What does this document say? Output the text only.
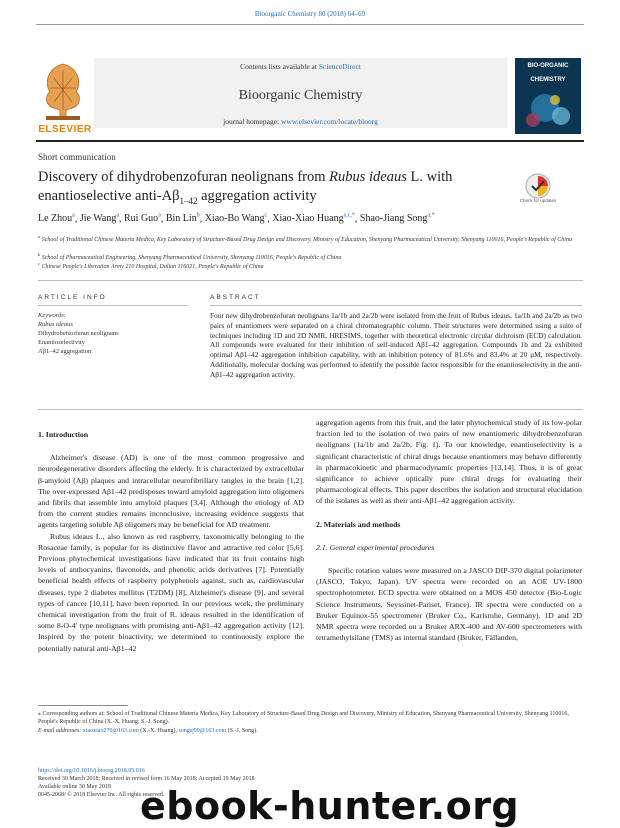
Bioorganic Chemistry 80 (2018) 64–69
Contents lists available at ScienceDirect
Bioorganic Chemistry
journal homepage: www.elsevier.com/locate/bioorg
ELSEVIER
BIO-ORGANIC
CHEMISTRY
Short communication
Discovery of dihydrobenzofuran neolignans from Rubus ideaus L. with enantioselective anti-$A\beta_{1-42}$ aggregation activity	Check for updates
Le Zhou$^a$, Jie Wang$^a$, Rui Guo$^a$, Bin Lin$^b$, Xiao-Bo Wang$^c$, Xiao-Xiao Huang$^{a,c,*}$, Shao-Jiang Song$^{a,*}$
$^a$ School of Traditional Chinese Materia Medica, Key Laboratory of Structure-Based Drug Design and Discovery, Ministry of Education, Shenyang Pharmaceutical University, Shenyang 110016, People's Republic of China
$^b$ School of Pharmaceutical Engineering, Shenyang Pharmaceutical University, Shenyang 110016, People's Republic of China
$^c$ Chinese People's Liberation Army 210 Hospital, Dalian 116021, People's Republic of China
ARTICLE INFO	ABSTRACT
Keywords:
Rubus ideaus
Dihydrobenzofuran neolignans
Enantioselectivity
Aβ1–42 aggregation
Four new dihydrobenzofuran neolignans 1a/1b and 2a/2b were isolated from the fruit of Rubus ideaus. 1a/1b and 2a/2b as two pairs of enantiomers were separated on a chiral chromatographic column. Their structures were determined using a suite of techniques including 1D and 2D NMR, HRESIMS, together with theoretical electronic circular dichroism (ECD) calculation. All compounds were evaluated for their inhibition of self-induced Aβ1–42 aggregation. Compounds 1b and 2a exhibited optimal Aβ1–42 aggregation inhibition capability, with an inhibition potency of 81.6% and 83.4% at 20 μM, respectively. Additionally, molecular docking was performed to identify the possible factor responsible for the enantioselectivity in the anti-Aβ1–42 aggregation activity.
1. Introduction

Alzheimer's disease (AD) is one of the most common progressive and neurodegenerative disorders affecting the elderly. It is characterized by extracellular β-amyloid (Aβ) plaques and intracellular neurofibrillary tangles in the brain [1,2]. The over-expressed Aβ1–42 predisposes toward amyloid aggregation into oligomers and fibrils that assemble into amyloid plaques [3,4]. Although the etiology of AD from the current studies remains inconclusive, increasing evidence suggests that agents targeting soluble Aβ oligomers may be beneficial for AD treatment.

Rubus ideaus L., also known as red raspberry, taxonomically belonging to the Rosaceae family, is popular for its distinctive flavor and attractive red color [5,6]. Previous phytochemical investigations have indicated that its fruit contains high levels of anthocyanins, flavonoids, and phenolic acids derivatives [7]. Potentially beneficial health effects of raspberry polyphenols against, such as, cardiovascular diseases, type 2 diabetes mellitus (T2DM) [8], Alzheimer's disease [9], and several types of cancer [10,11], have been reported. In our previous work, the preliminary chemical investigation from the fruit of R. ideaus resulted in the identification of some 8-O-4′ type neolignans with promising anti-Aβ1–42 aggregation activity [12]. Inspired by the potent bioactivity, we determined to continuously explore the potentially natural anti-Aβ1–42

aggregation agents from this fruit, and the later phytochemical study of its low-polar fraction led to the isolation of two pairs of new enantiomeric dihydrobenzofuran neolignans (1a/1b and 2a/2b, Fig. 1). To our knowledge, enantioselectivity is a significant characteristic of chiral drugs because enantiomers may behave differently in pharmacokinetic and pharmacodynamic properties [13,14]. Thus, it is of great significance to achieve optically pure chiral drugs for evaluating their pharmacological effects. This paper describes the isolation and structural elucidation of the isolates as well as their anti-Aβ1–42 aggregation activity.

2. Materials and methods
2.1. General experimental procedures

Specific rotation values were measured on a JASCO DIP-370 digital polarimeter (JASCO, Tokyo, Japan). UV spectra were recorded on an AOE UV-1800 spectrophotometer. ECD spectra were obtained on a MOS 450 detector (Bio-Logic Science Instruments, Seyssinet-Pariset, France). IR spectra were conducted on a Bruker Equinox-55 spectrometer (Bruker Co., Karlsruhe, Germany). 1D and 2D NMR spectra were recorded on a Bruker ARX-400 and AV-600 spectrometers with tetramethylsilane (TMS) as internal standard (Bruker, Fällanden,

⁎ Corresponding authors at: School of Traditional Chinese Materia Medica, Key Laboratory of Structure-Based Drug Design and Discovery, Ministry of Education, Shenyang Pharmaceutical University, Shenyang 110016, People's Republic of China (X.-X. Huang; S.-J. Song).
E-mail addresses: xiaoxiao270@163.com (X.-X. Huang), songsj99@163.com (S.-J. Song).
https://doi.org/10.1016/j.bioorg.2018.05.016
Received 30 March 2018; Received in revised form 16 May 2018; Accepted 19 May 2018
Available online 30 May 2018
0045-2068/ © 2018 Elsevier Inc. All rights reserved.
ebook-hunter.org
